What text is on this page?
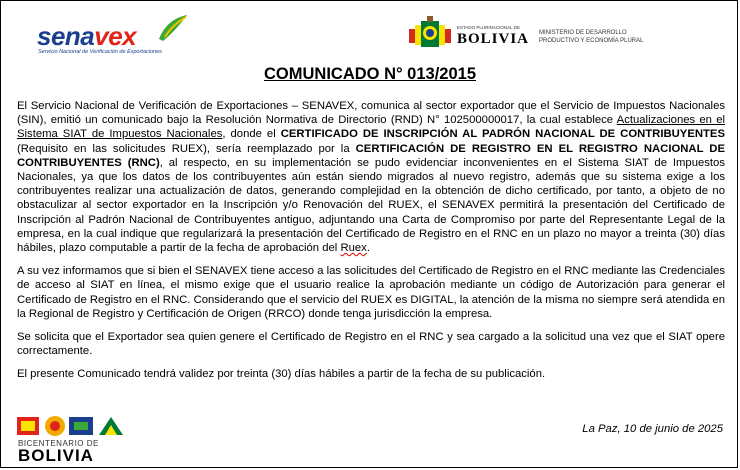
senavex
Servicio Nacional de Verificación de Exportaciones
ESTADO PLURINACIONAL DE
BOLIVIA MINISTERIO DE DESARROLLO
PRODUCTIVO Y ECONOMÍA PLURAL
COMUNICADO N° 013/2015

El Servicio Nacional de Verificación de Exportaciones – SENAVEX, comunica al sector exportador que el Servicio de Impuestos Nacionales (SIN), emitió un comunicado bajo la Resolución Normativa de Directorio (RND) N° 102500000017, la cual establece Actualizaciones en el Sistema SIAT de Impuestos Nacionales, donde el CERTIFICADO DE INSCRIPCIÓN AL PADRÓN NACIONAL DE CONTRIBUYENTES (Requisito en las solicitudes RUEX), sería reemplazado por la CERTIFICACIÓN DE REGISTRO EN EL REGISTRO NACIONAL DE CONTRIBUYENTES (RNC), al respecto, en su implementación se pudo evidenciar inconvenientes en el Sistema SIAT de Impuestos Nacionales, ya que los datos de los contribuyentes aún están siendo migrados al nuevo registro, además que su sistema exige a los contribuyentes realizar una actualización de datos, generando complejidad en la obtención de dicho certificado, por tanto, a objeto de no obstaculizar al sector exportador en la Inscripción y/o Renovación del RUEX, el SENAVEX permitirá la presentación del Certificado de Inscripción al Padrón Nacional de Contribuyentes antiguo, adjuntando una Carta de Compromiso por parte del Representante Legal de la empresa, en la cual indique que regularizará la presentación del Certificado de Registro en el RNC en un plazo no mayor a treinta (30) días hábiles, plazo computable a partir de la fecha de aprobación del Ruex.

A su vez informamos que si bien el SENAVEX tiene acceso a las solicitudes del Certificado de Registro en el RNC mediante las Credenciales de acceso al SIAT en línea, el mismo exige que el usuario realice la aprobación mediante un código de Autorización para generar el Certificado de Registro en el RNC. Considerando que el servicio del RUEX es DIGITAL, la atención de la misma no siempre será atendida en la Regional de Registro y Certificación de Origen (RRCO) donde tenga jurisdicción la empresa.

Se solicita que el Exportador sea quien genere el Certificado de Registro en el RNC y sea cargado a la solicitud una vez que el SIAT opere correctamente.

El presente Comunicado tendrá validez por treinta (30) días hábiles a partir de la fecha de su publicación.

La Paz, 10 de junio de 2025
BICENTENARIO DE
BOLIVIA
